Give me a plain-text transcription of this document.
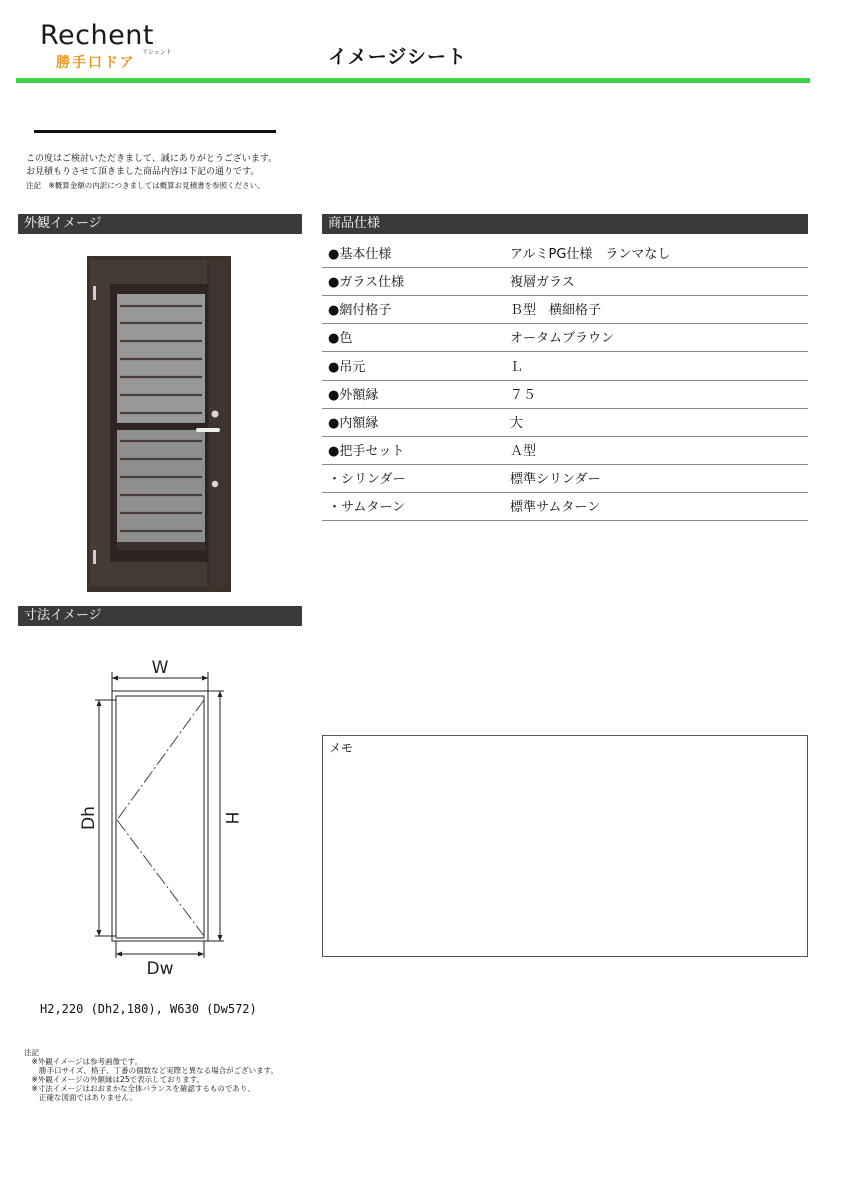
Rechent
リシェント
勝手口ドア	イメージシート
この度はご検討いただきまして、誠にありがとうございます。
お見積もりさせて頂きました商品内容は下記の通りです。
注記　※概算金額の内訳につきましては概算お見積書を参照ください。
外観イメージ	商品仕様
寸法イメージ
●基本仕様	アルミPG仕様　ランマなし
●ガラス仕様	複層ガラス
●網付格子	Ｂ型　横細格子
●色	オータムブラウン
●吊元	Ｌ
●外額縁	７５
●内額縁	大
●把手セット	Ａ型
・シリンダー	標準シリンダー
・サムターン	標準サムターン
W
Dw
Dh	H
メモ
H2,220 (Dh2,180), W630 (Dw572)
注記
　※外観イメージは参考画像です。
　　勝手口サイズ、格子、丁番の個数など実際と異なる場合がございます。
　※外観イメージの外額縁は25で表示しております。
　※寸法イメージはおおまかな全体バランスを確認するものであり、
　　正確な図面ではありません。
